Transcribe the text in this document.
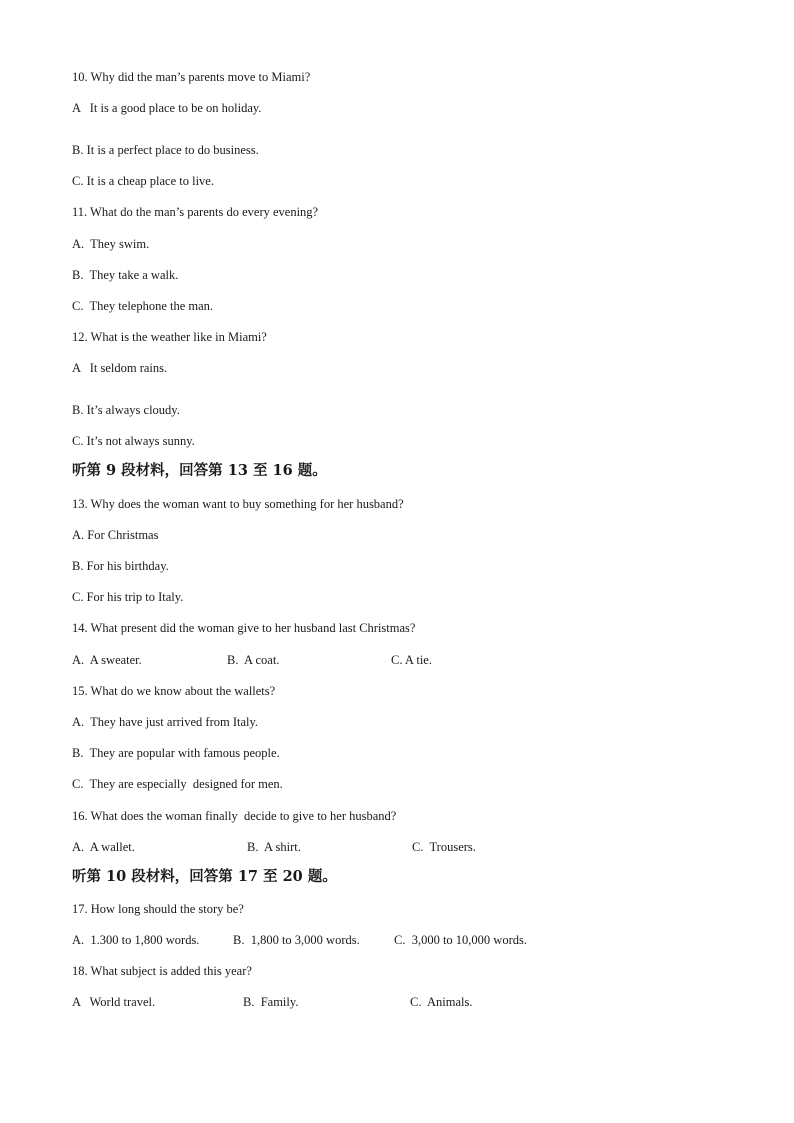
10. Why did the man’s parents move to Miami?
A   It is a good place to be on holiday.
B. It is a perfect place to do business.
C. It is a cheap place to live.
11. What do the man’s parents do every evening?
A.  They swim.
B.  They take a walk.
C.  They telephone the man.
12. What is the weather like in Miami?
A   It seldom rains.
B. It’s always cloudy.
C. It’s not always sunny.
听第 9 段材料，回答第 13 至 16 题。
13. Why does the woman want to buy something for her husband?
A. For Christmas
B. For his birthday.
C. For his trip to Italy.
14. What present did the woman give to her husband last Christmas?
A.  A sweater.	B.  A coat.	C. A tie.
15. What do we know about the wallets?
A.  They have just arrived from Italy.
B.  They are popular with famous people.
C.  They are especially  designed for men.
16. What does the woman finally  decide to give to her husband?
A.  A wallet.	B.  A shirt.	C.  Trousers.
听第 10 段材料，回答第 17 至 20 题。
17. How long should the story be?
A.  1.300 to 1,800 words.	B.  1,800 to 3,000 words.	C.  3,000 to 10,000 words.
18. What subject is added this year?
A   World travel.	B.  Family.	C.  Animals.
